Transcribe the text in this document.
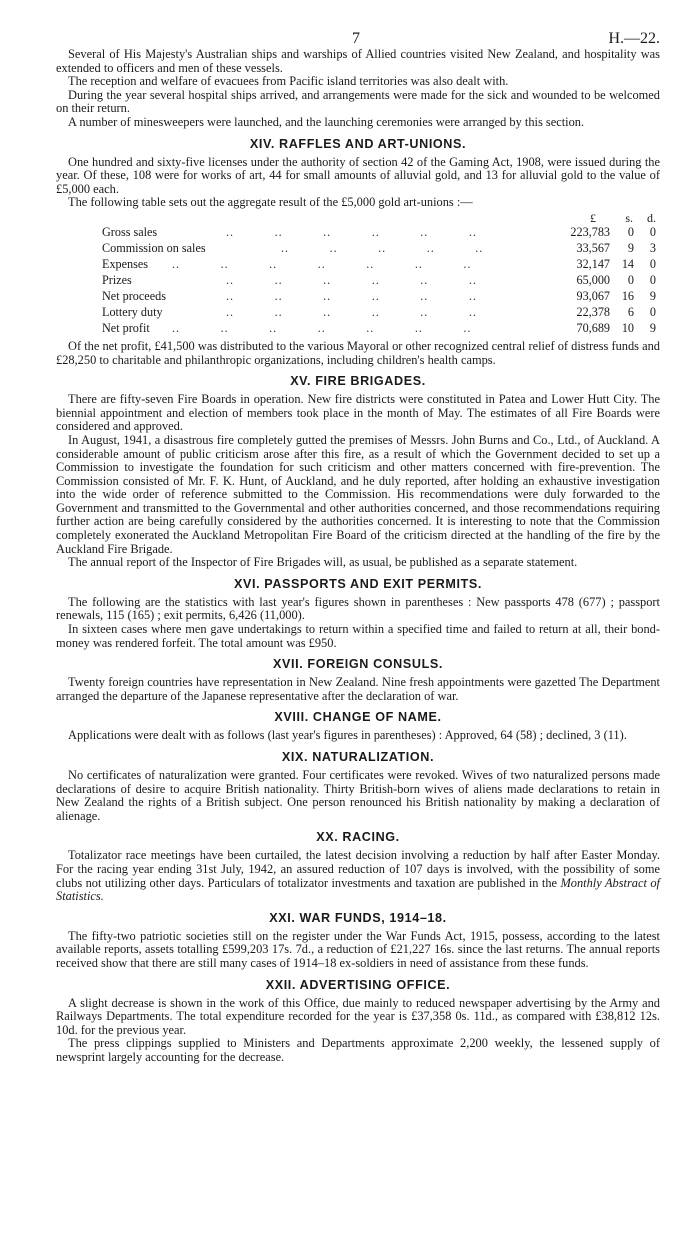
7	H.—22.

Several of His Majesty's Australian ships and warships of Allied countries visited New Zealand, and hospitality was extended to officers and men of these vessels.

The reception and welfare of evacuees from Pacific island territories was also dealt with.

During the year several hospital ships arrived, and arrangements were made for the sick and wounded to be welcomed on their return.

A number of minesweepers were launched, and the launching ceremonies were arranged by this section.

XIV. RAFFLES AND ART-UNIONS.

One hundred and sixty-five licenses under the authority of section 42 of the Gaming Act, 1908, were issued during the year. Of these, 108 were for works of art, 44 for small amounts of alluvial gold, and 13 for alluvial gold to the value of £5,000 each.

The following table sets out the aggregate result of the £5,000 gold art-unions :—

£ s. d.
Gross sales	..          ..          ..          ..          ..          ..	223,783	0	0
Commission on sales	..          ..          ..          ..          ..	33,567	9	3
Expenses ..          ..          ..          ..          ..          ..          ..	32,147 14	0
Prizes	..          ..          ..          ..          ..          ..	65,000	0	0
Net proceeds	..          ..          ..          ..          ..          ..	93,067 16	9
Lottery duty	..          ..          ..          ..          ..          ..	22,378	6	0
Net profit ..          ..          ..          ..          ..          ..          ..	70,689 10	9

Of the net profit, £41,500 was distributed to the various Mayoral or other recognized central relief of distress funds and £28,250 to charitable and philanthropic organizations, including children's health camps.

XV. FIRE BRIGADES.

There are fifty-seven Fire Boards in operation. New fire districts were constituted in Patea and Lower Hutt City. The biennial appointment and election of members took place in the month of May. The estimates of all Fire Boards were considered and approved.

In August, 1941, a disastrous fire completely gutted the premises of Messrs. John Burns and Co., Ltd., of Auckland. A considerable amount of public criticism arose after this fire, as a result of which the Government decided to set up a Commission to investigate the foundation for such criticism and other matters concerned with fire-prevention. The Commission consisted of Mr. F. K. Hunt, of Auckland, and he duly reported, after holding an exhaustive investigation into the wide order of reference submitted to the Commission. His recommendations were duly forwarded to the Government and transmitted to the Governmental and other authorities concerned, and those recommendations requiring further action are being carefully considered by the authorities concerned. It is interesting to note that the Commission completely exonerated the Auckland Metropolitan Fire Board of the criticism directed at the handling of the fire by the Auckland Fire Brigade.

The annual report of the Inspector of Fire Brigades will, as usual, be published as a separate statement.

XVI. PASSPORTS AND EXIT PERMITS.

The following are the statistics with last year's figures shown in parentheses : New passports 478 (677) ; passport renewals, 115 (165) ; exit permits, 6,426 (11,000).

In sixteen cases where men gave undertakings to return within a specified time and failed to return at all, their bond-money was rendered forfeit. The total amount was £950.

XVII. FOREIGN CONSULS.

Twenty foreign countries have representation in New Zealand. Nine fresh appointments were gazetted The Department arranged the departure of the Japanese representative after the declaration of war.

XVIII. CHANGE OF NAME.

Applications were dealt with as follows (last year's figures in parentheses) : Approved, 64 (58) ; declined, 3 (11).

XIX. NATURALIZATION.

No certificates of naturalization were granted. Four certificates were revoked. Wives of two naturalized persons made declarations of desire to acquire British nationality. Thirty British-born wives of aliens made declarations to retain in New Zealand the rights of a British subject. One person renounced his British nationality by making a declaration of alienage.

XX. RACING.

Totalizator race meetings have been curtailed, the latest decision involving a reduction by half after Easter Monday. For the racing year ending 31st July, 1942, an assured reduction of 107 days is involved, with the possibility of some clubs not utilizing other days. Particulars of totalizator investments and taxation are published in the Monthly Abstract of Statistics.

XXI. WAR FUNDS, 1914–18.

The fifty-two patriotic societies still on the register under the War Funds Act, 1915, possess, according to the latest available reports, assets totalling £599,203 17s. 7d., a reduction of £21,227 16s. since the last returns. The annual reports received show that there are still many cases of 1914–18 ex-soldiers in need of assistance from these funds.

XXII. ADVERTISING OFFICE.

A slight decrease is shown in the work of this Office, due mainly to reduced newspaper advertising by the Army and Railways Departments. The total expenditure recorded for the year is £37,358 0s. 11d., as compared with £38,812 12s. 10d. for the previous year.

The press clippings supplied to Ministers and Departments approximate 2,200 weekly, the lessened supply of newsprint largely accounting for the decrease.
